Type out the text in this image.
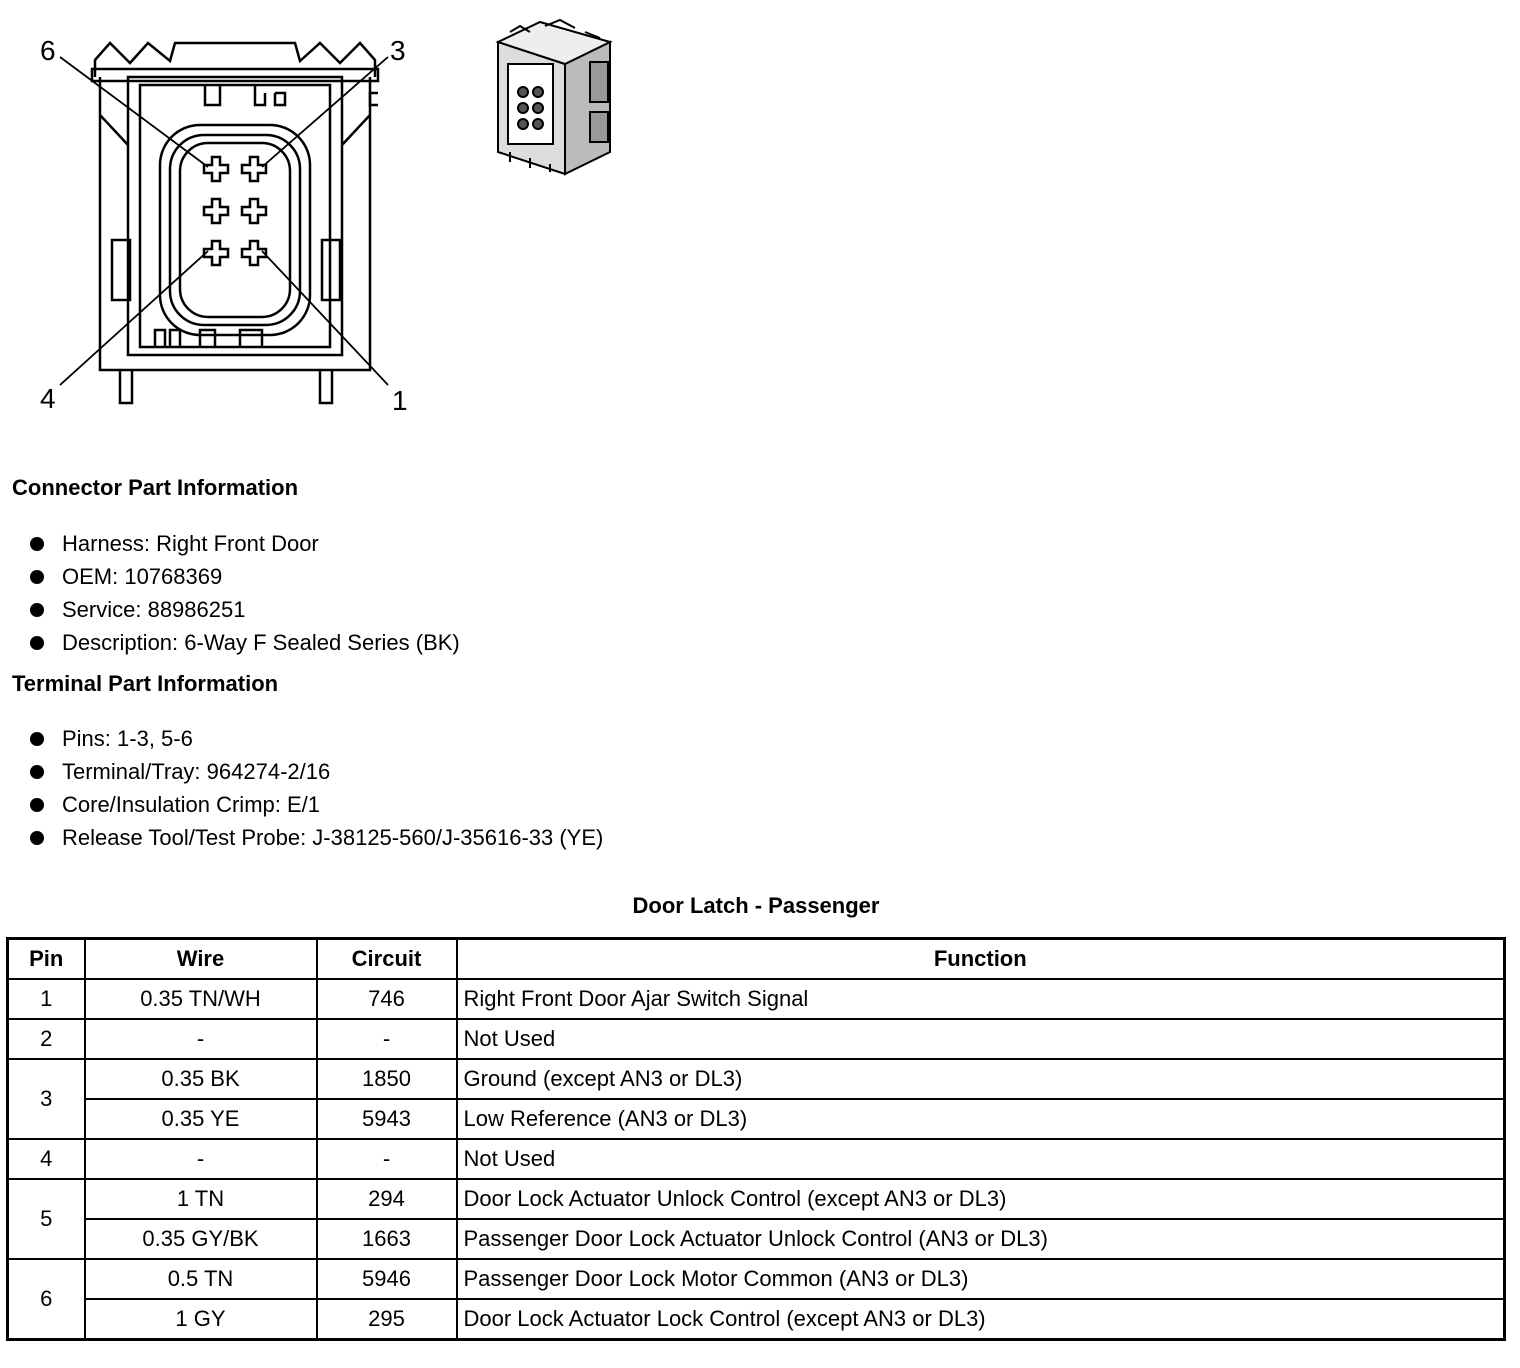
6	3
4	1
Connector Part Information
Harness: Right Front Door
OEM: 10768369
Service: 88986251
Description: 6-Way F Sealed Series (BK)
Terminal Part Information
Pins: 1-3, 5-6
Terminal/Tray: 964274-2/16
Core/Insulation Crimp: E/1
Release Tool/Test Probe: J-38125-560/J-35616-33 (YE)
Door Latch - Passenger
Pin	Wire	Circuit	Function
1	0.35 TN/WH	746	Right Front Door Ajar Switch Signal
2	-	-	Not Used
3	0.35 BK	1850	Ground (except AN3 or DL3)
	0.35 YE	5943	Low Reference (AN3 or DL3)
4	-	-	Not Used
5	1 TN	294	Door Lock Actuator Unlock Control (except AN3 or DL3)
	0.35 GY/BK	1663	Passenger Door Lock Actuator Unlock Control (AN3 or DL3)
6	0.5 TN	5946	Passenger Door Lock Motor Common (AN3 or DL3)
	1 GY	295	Door Lock Actuator Lock Control (except AN3 or DL3)
